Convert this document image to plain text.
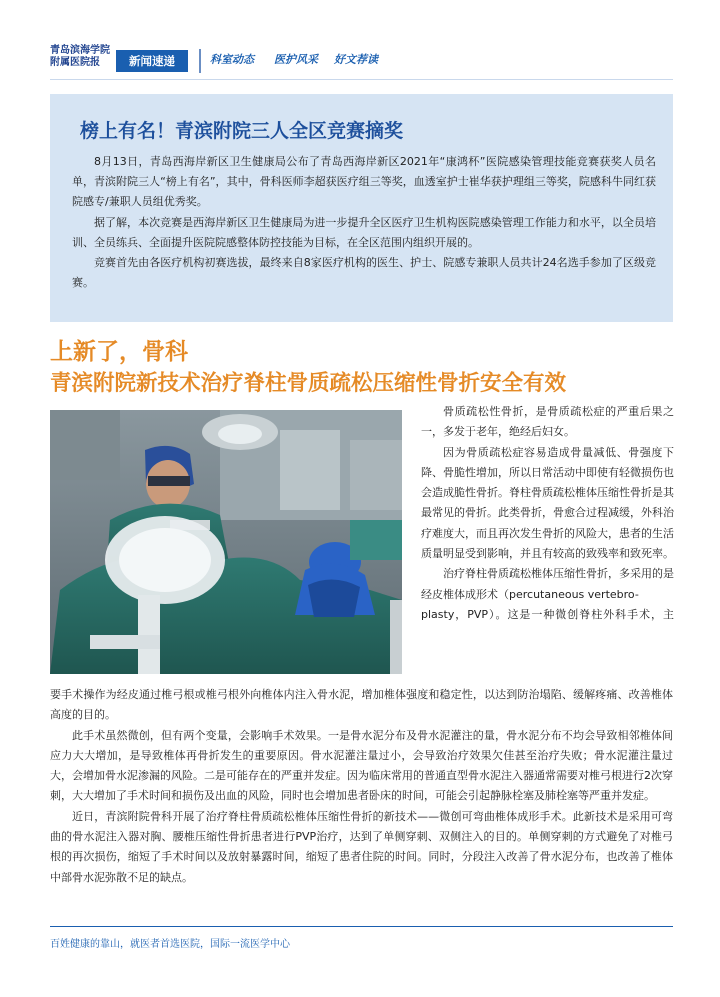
青岛滨海学院
附属医院报	新闻速递	科室动态 医护风采 好文荐读
榜上有名！青滨附院三人全区竞赛摘奖

8月13日，青岛西海岸新区卫生健康局公布了青岛西海岸新区2021年“康鸿杯”医院感染管理技能竞赛获奖人员名单，青滨附院三人“榜上有名”，其中，骨科医师李超获医疗组三等奖，血透室护士崔华获护理组三等奖，院感科牛同红获院感专/兼职人员组优秀奖。

据了解，本次竞赛是西海岸新区卫生健康局为进一步提升全区医疗卫生机构医院感染管理工作能力和水平，以全员培训、全员练兵、全面提升医院院感整体防控技能为目标，在全区范围内组织开展的。

竞赛首先由各医疗机构初赛选拔，最终来自8家医疗机构的医生、护士、院感专兼职人员共计24名选手参加了区级竞赛。

上新了，骨科
青滨附院新技术治疗脊柱骨质疏松压缩性骨折安全有效

骨质疏松性骨折，是骨质疏松症的严重后果之一，多发于老年，绝经后妇女。

因为骨质疏松症容易造成骨量减低、骨强度下降、骨脆性增加，所以日常活动中即使有轻微损伤也会造成脆性骨折。脊柱骨质疏松椎体压缩性骨折是其最常见的骨折。此类骨折，骨愈合过程减缓，外科治疗难度大，而且再次发生骨折的风险大，患者的生活质量明显受到影响，并且有较高的致残率和致死率。

治疗脊柱骨质疏松椎体压缩性骨折，多采用的是经皮椎体成形术（percutaneous vertebro-

plasty，PVP）。这是一种微创脊柱外科手术，主

要手术操作为经皮通过椎弓根或椎弓根外向椎体内注入骨水泥，增加椎体强度和稳定性，以达到防治塌陷、缓解疼痛、改善椎体高度的目的。

此手术虽然微创，但有两个变量，会影响手术效果。一是骨水泥分布及骨水泥灌注的量，骨水泥分布不均会导致相邻椎体间应力大大增加，是导致椎体再骨折发生的重要原因。骨水泥灌注量过小，会导致治疗效果欠佳甚至治疗失败；骨水泥灌注量过大，会增加骨水泥渗漏的风险。二是可能存在的严重并发症。因为临床常用的普通直型骨水泥注入器通常需要对椎弓根进行2次穿刺，大大增加了手术时间和损伤及出血的风险，同时也会增加患者卧床的时间，可能会引起静脉栓塞及肺栓塞等严重并发症。

近日，青滨附院骨科开展了治疗脊柱骨质疏松椎体压缩性骨折的新技术——微创可弯曲椎体成形手术。此新技术是采用可弯曲的骨水泥注入器对胸、腰椎压缩性骨折患者进行PVP治疗，达到了单侧穿刺、双侧注入的目的。单侧穿刺的方式避免了对椎弓根的再次损伤，缩短了手术时间以及放射暴露时间，缩短了患者住院的时间。同时，分段注入改善了骨水泥分布，也改善了椎体中部骨水泥弥散不足的缺点。

百姓健康的靠山，就医者首选医院，国际一流医学中心
